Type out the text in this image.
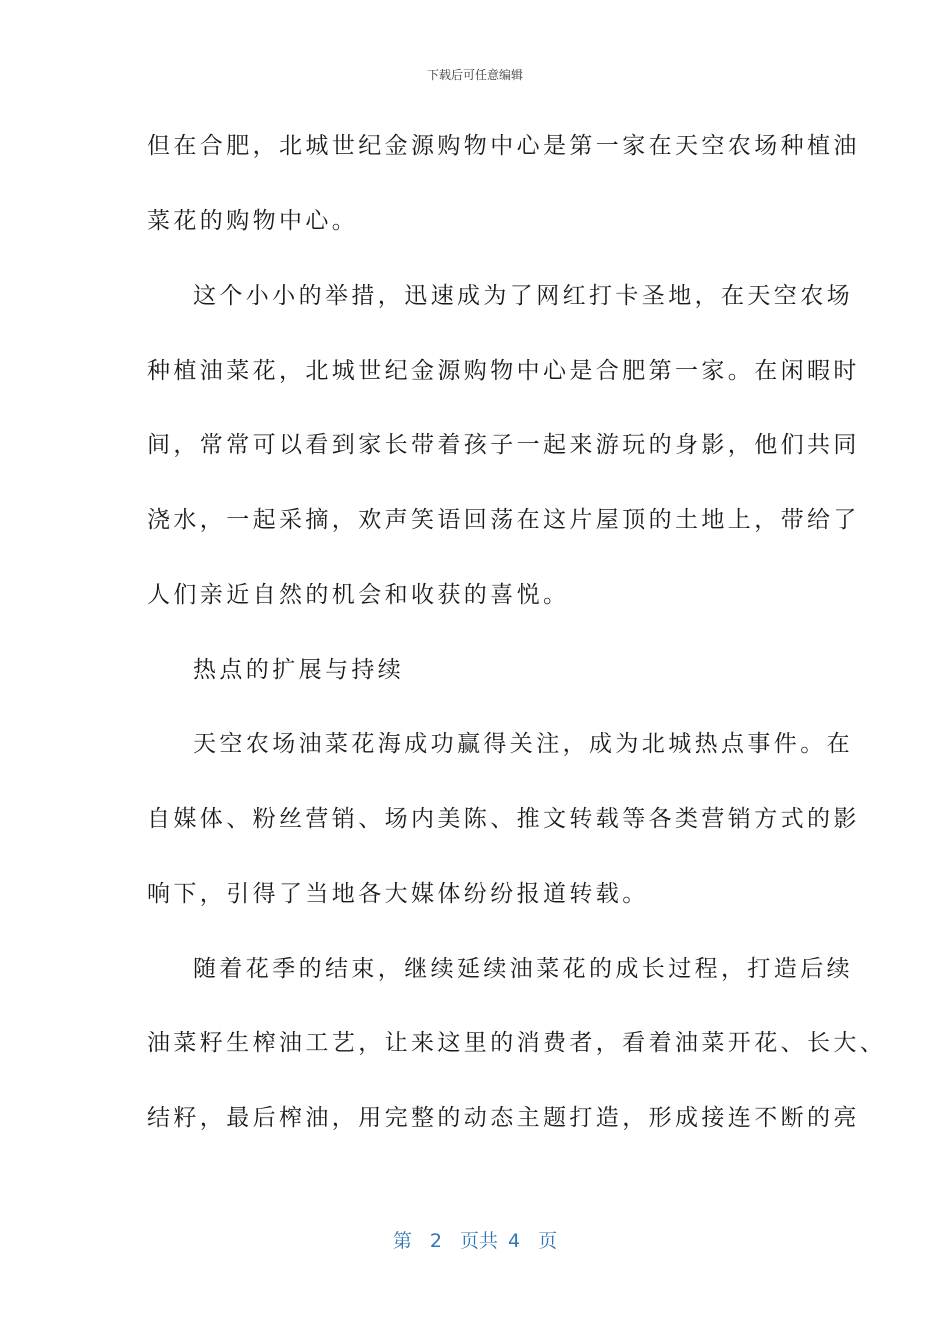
下载后可任意编辑
但在合肥，北城世纪金源购物中心是第一家在天空农场种植油
菜花的购物中心。
这个小小的举措，迅速成为了网红打卡圣地，在天空农场
种植油菜花，北城世纪金源购物中心是合肥第一家。在闲暇时
间，常常可以看到家长带着孩子一起来游玩的身影，他们共同
浇水，一起采摘，欢声笑语回荡在这片屋顶的土地上，带给了
人们亲近自然的机会和收获的喜悦。
热点的扩展与持续
天空农场油菜花海成功赢得关注，成为北城热点事件。在
自媒体、粉丝营销、场内美陈、推文转载等各类营销方式的影
响下，引得了当地各大媒体纷纷报道转载。
随着花季的结束，继续延续油菜花的成长过程，打造后续
油菜籽生榨油工艺，让来这里的消费者，看着油菜开花、长大、
结籽，最后榨油，用完整的动态主题打造，形成接连不断的亮
第 2 页共 4 页
